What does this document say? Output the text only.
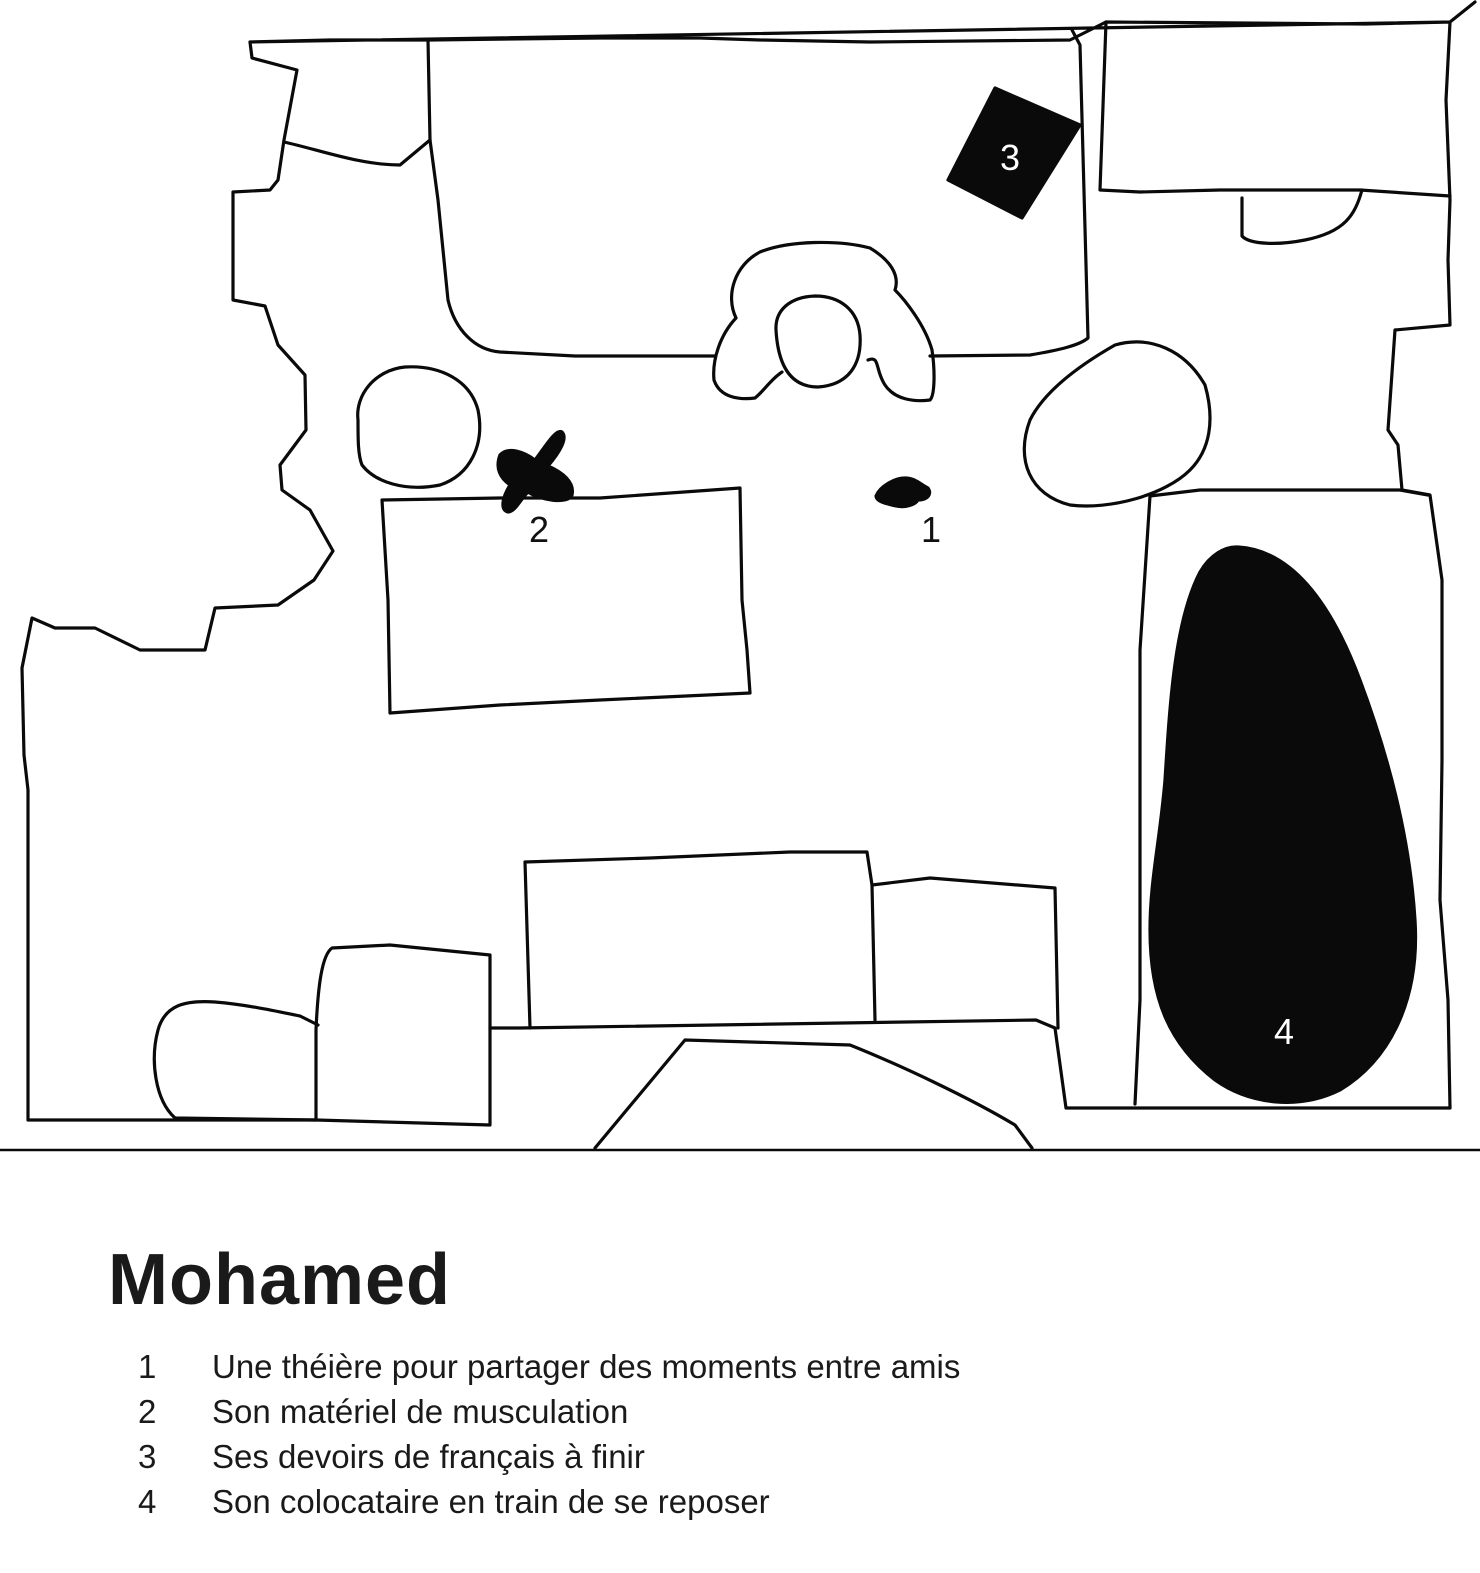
1
2
3
4
Mohamed
1	Une théière pour partager des moments entre amis
2	Son matériel de musculation
3	Ses devoirs de français à finir
4	Son colocataire en train de se reposer
